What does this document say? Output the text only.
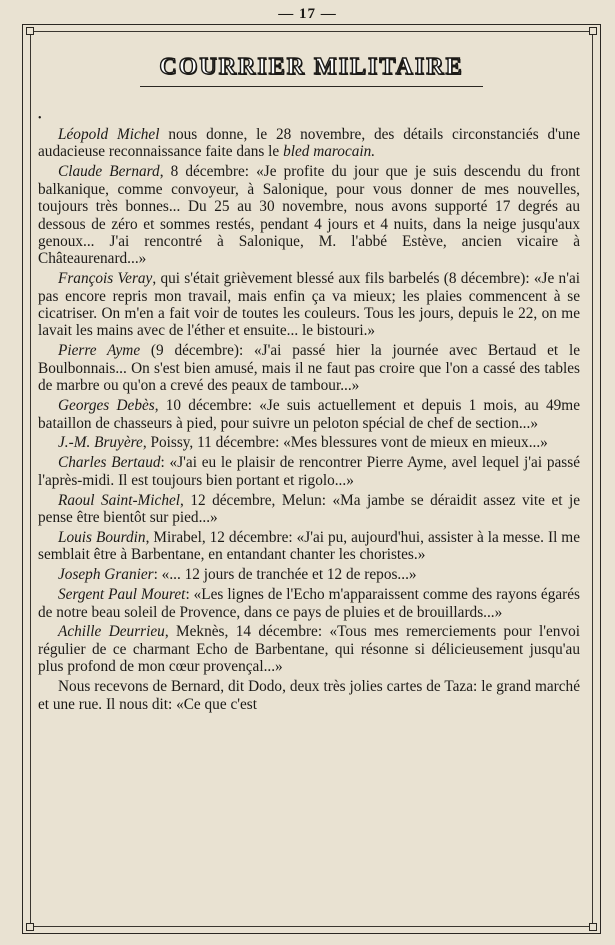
— 17 —
COURRIER MILITAIRE
•

Léopold Michel nous donne, le 28 novembre, des détails circonstanciés d'une audacieuse reconnaissance faite dans le bled marocain.

Claude Bernard, 8 décembre: «Je profite du jour que je suis descendu du front balkanique, comme convoyeur, à Salonique, pour vous donner de mes nouvelles, toujours très bonnes... Du 25 au 30 novembre, nous avons supporté 17 degrés au dessous de zéro et sommes restés, pendant 4 jours et 4 nuits, dans la neige jusqu'aux genoux... J'ai rencontré à Salonique, M. l'abbé Estève, ancien vicaire à Châteaurenard...»

François Veray, qui s'était grièvement blessé aux fils barbelés (8 décembre): «Je n'ai pas encore repris mon travail, mais enfin ça va mieux; les plaies commencent à se cicatriser. On m'en a fait voir de toutes les couleurs. Tous les jours, depuis le 22, on me lavait les mains avec de l'éther et ensuite... le bistouri.»

Pierre Ayme (9 décembre): «J'ai passé hier la journée avec Bertaud et le Boulbonnais... On s'est bien amusé, mais il ne faut pas croire que l'on a cassé des tables de marbre ou qu'on a crevé des peaux de tambour...»

Georges Debès, 10 décembre: «Je suis actuellement et depuis 1 mois, au 49me bataillon de chasseurs à pied, pour suivre un peloton spécial de chef de section...»

J.-M. Bruyère, Poissy, 11 décembre: «Mes blessures vont de mieux en mieux...»

Charles Bertaud: «J'ai eu le plaisir de rencontrer Pierre Ayme, avel lequel j'ai passé l'après-midi. Il est toujours bien portant et rigolo...»

Raoul Saint-Michel, 12 décembre, Melun: «Ma jambe se déraidit assez vite et je pense être bientôt sur pied...»

Louis Bourdin, Mirabel, 12 décembre: «J'ai pu, aujourd'hui, assister à la messe. Il me semblait être à Barbentane, en entandant chanter les choristes.»

Joseph Granier: «... 12 jours de tranchée et 12 de repos...»

Sergent Paul Mouret: «Les lignes de l'Echo m'apparaissent comme des rayons égarés de notre beau soleil de Provence, dans ce pays de pluies et de brouillards...»

Achille Deurrieu, Meknès, 14 décembre: «Tous mes remerciements pour l'envoi régulier de ce charmant Echo de Barbentane, qui résonne si délicieusement jusqu'au plus profond de mon cœur provençal...»

Nous recevons de Bernard, dit Dodo, deux très jolies cartes de Taza: le grand marché et une rue. Il nous dit: «Ce que c'est
